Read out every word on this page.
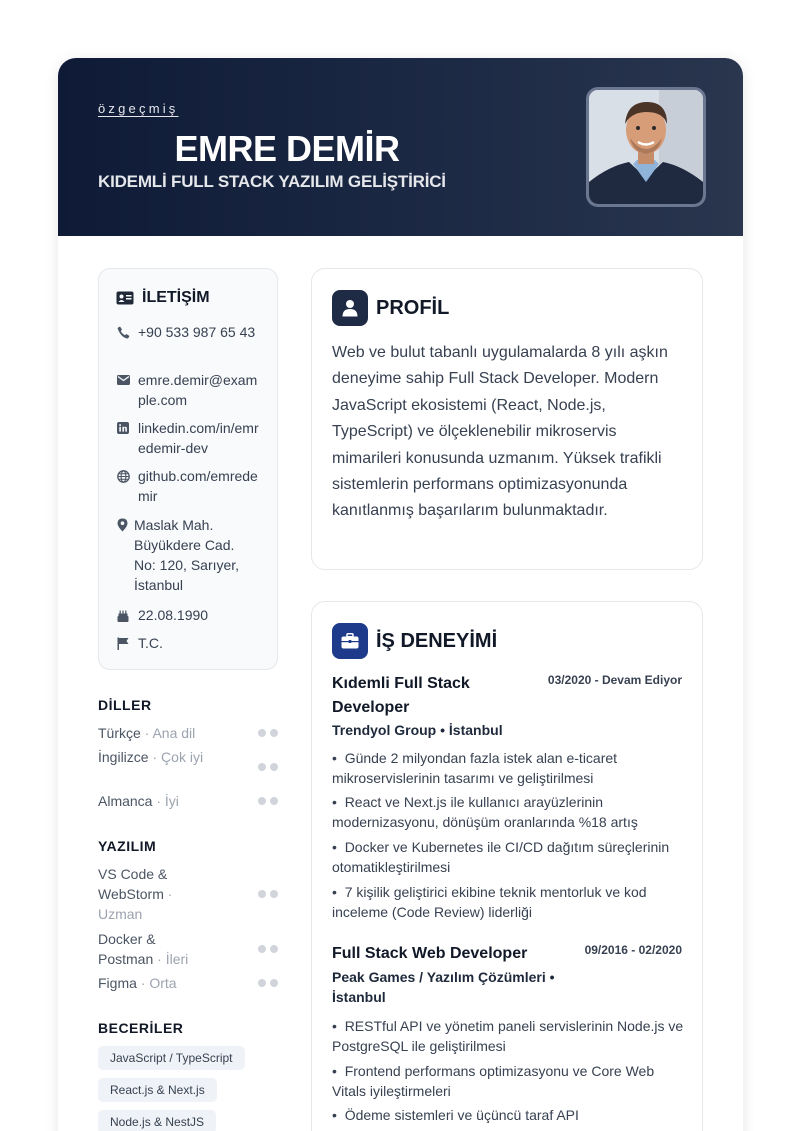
özgeçmiş
EMRE DEMİR
KIDEMLİ FULL STACK YAZILIM GELİŞTİRİCİ
İLETİŞİM
+90 533 987 65 43
emre.demir@example.com
linkedin.com/in/emredemir-dev
github.com/emredemir
Maslak Mah. Büyükdere Cad. No: 120, Sarıyer, İstanbul
22.08.1990
T.C.
DİLLER
Türkçe · Ana dil
İngilizce · Çok iyi
Almanca · İyi
YAZILIM
VS Code & WebStorm · Uzman
Docker & Postman · İleri
Figma · Orta
BECERİLER
JavaScript / TypeScript
React.js & Next.js
Node.js & NestJS
PROFİL
Web ve bulut tabanlı uygulamalarda 8 yılı aşkın deneyime sahip Full Stack Developer. Modern JavaScript ekosistemi (React, Node.js, TypeScript) ve ölçeklenebilir mikroservis mimarileri konusunda uzmanım. Yüksek trafikli sistemlerin performans optimizasyonunda kanıtlanmış başarılarım bulunmaktadır.
İŞ DENEYİMİ
Kıdemli Full Stack Developer
03/2020 - Devam Ediyor
Trendyol Group • İstanbul
•  Günde 2 milyondan fazla istek alan e-ticaret mikroservislerinin tasarımı ve geliştirilmesi
•  React ve Next.js ile kullanıcı arayüzlerinin modernizasyonu, dönüşüm oranlarında %18 artış
•  Docker ve Kubernetes ile CI/CD dağıtım süreçlerinin otomatikleştirilmesi
•  7 kişilik geliştirici ekibine teknik mentorluk ve kod inceleme (Code Review) liderliği
Full Stack Web Developer	09/2016 - 02/2020
Peak Games / Yazılım Çözümleri • İstanbul
•  RESTful API ve yönetim paneli servislerinin Node.js ve PostgreSQL ile geliştirilmesi
•  Frontend performans optimizasyonu ve Core Web Vitals iyileştirmeleri
•  Ödeme sistemleri ve üçüncü taraf API
